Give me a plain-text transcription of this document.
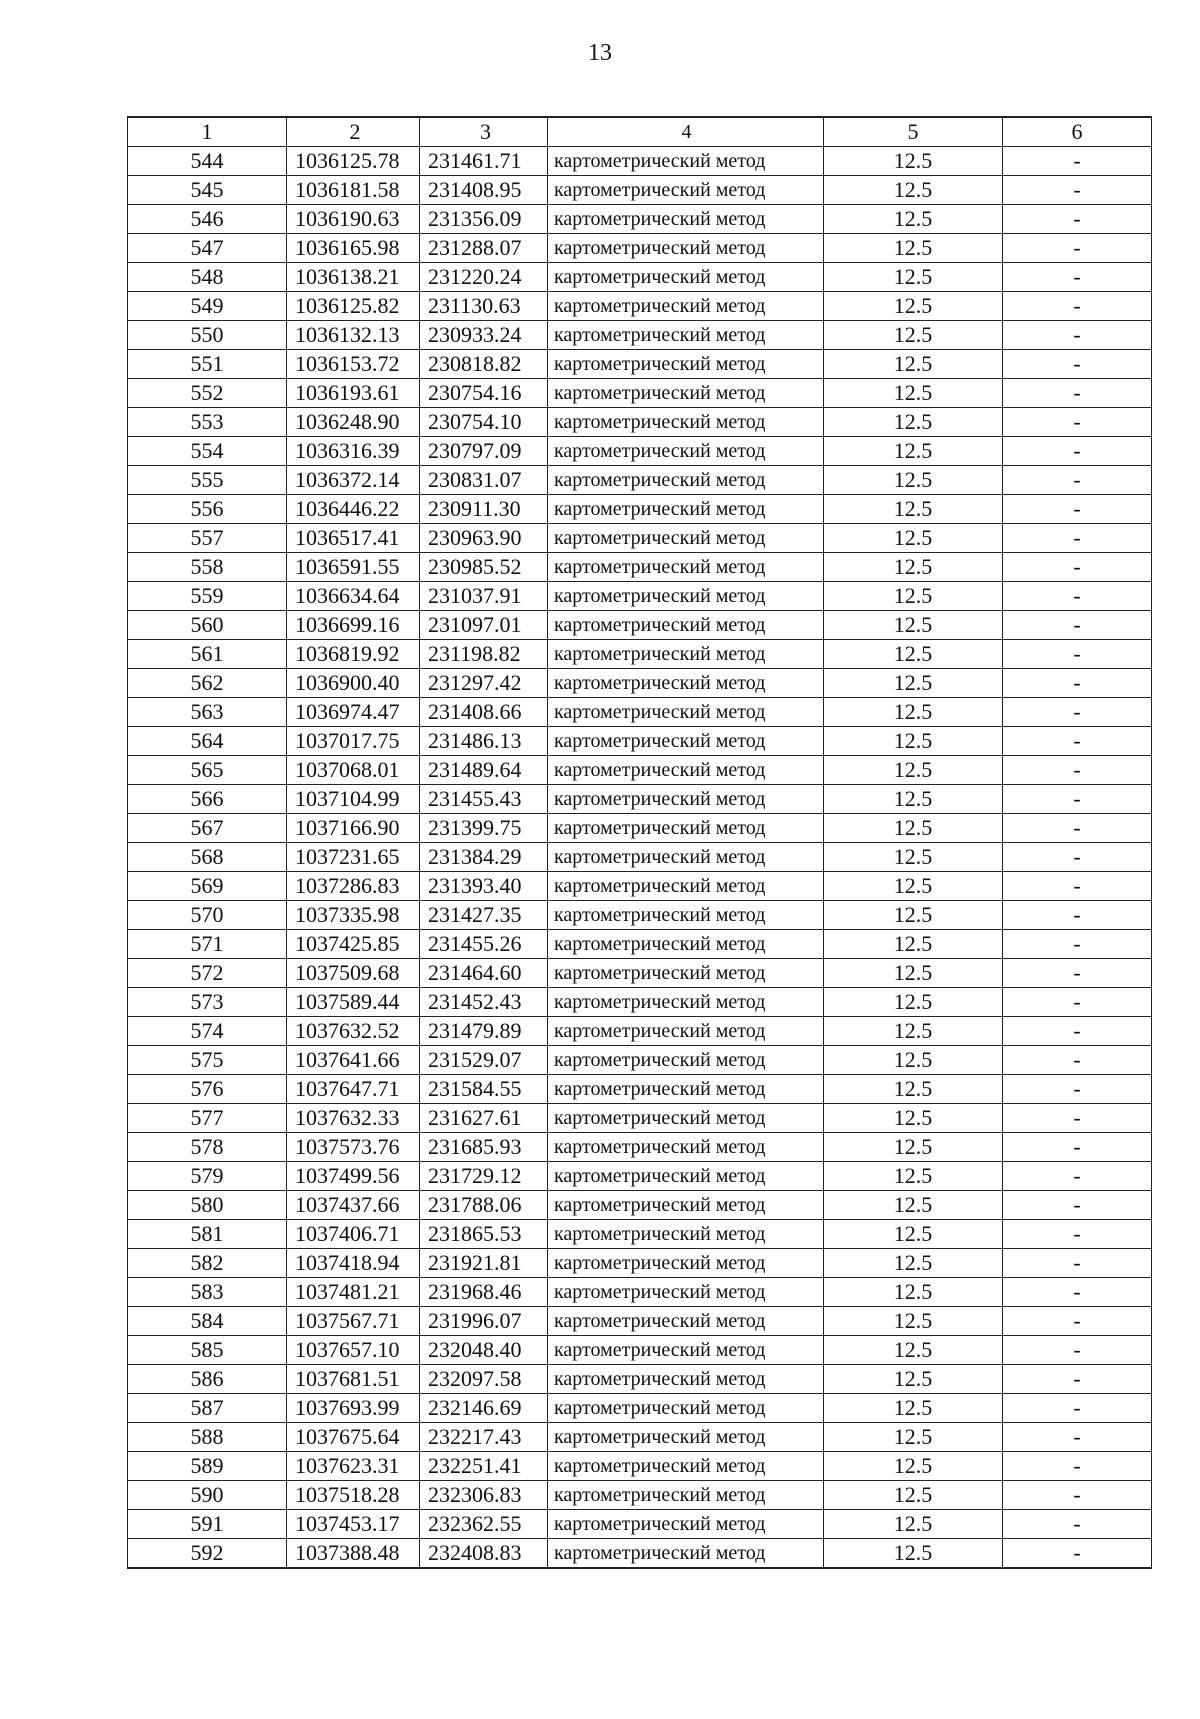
13
1	2	3	4	5	6
544	1036125.78	231461.71	картометрический метод	12.5	-
545	1036181.58	231408.95	картометрический метод	12.5	-
546	1036190.63	231356.09	картометрический метод	12.5	-
547	1036165.98	231288.07	картометрический метод	12.5	-
548	1036138.21	231220.24	картометрический метод	12.5	-
549	1036125.82	231130.63	картометрический метод	12.5	-
550	1036132.13	230933.24	картометрический метод	12.5	-
551	1036153.72	230818.82	картометрический метод	12.5	-
552	1036193.61	230754.16	картометрический метод	12.5	-
553	1036248.90	230754.10	картометрический метод	12.5	-
554	1036316.39	230797.09	картометрический метод	12.5	-
555	1036372.14	230831.07	картометрический метод	12.5	-
556	1036446.22	230911.30	картометрический метод	12.5	-
557	1036517.41	230963.90	картометрический метод	12.5	-
558	1036591.55	230985.52	картометрический метод	12.5	-
559	1036634.64	231037.91	картометрический метод	12.5	-
560	1036699.16	231097.01	картометрический метод	12.5	-
561	1036819.92	231198.82	картометрический метод	12.5	-
562	1036900.40	231297.42	картометрический метод	12.5	-
563	1036974.47	231408.66	картометрический метод	12.5	-
564	1037017.75	231486.13	картометрический метод	12.5	-
565	1037068.01	231489.64	картометрический метод	12.5	-
566	1037104.99	231455.43	картометрический метод	12.5	-
567	1037166.90	231399.75	картометрический метод	12.5	-
568	1037231.65	231384.29	картометрический метод	12.5	-
569	1037286.83	231393.40	картометрический метод	12.5	-
570	1037335.98	231427.35	картометрический метод	12.5	-
571	1037425.85	231455.26	картометрический метод	12.5	-
572	1037509.68	231464.60	картометрический метод	12.5	-
573	1037589.44	231452.43	картометрический метод	12.5	-
574	1037632.52	231479.89	картометрический метод	12.5	-
575	1037641.66	231529.07	картометрический метод	12.5	-
576	1037647.71	231584.55	картометрический метод	12.5	-
577	1037632.33	231627.61	картометрический метод	12.5	-
578	1037573.76	231685.93	картометрический метод	12.5	-
579	1037499.56	231729.12	картометрический метод	12.5	-
580	1037437.66	231788.06	картометрический метод	12.5	-
581	1037406.71	231865.53	картометрический метод	12.5	-
582	1037418.94	231921.81	картометрический метод	12.5	-
583	1037481.21	231968.46	картометрический метод	12.5	-
584	1037567.71	231996.07	картометрический метод	12.5	-
585	1037657.10	232048.40	картометрический метод	12.5	-
586	1037681.51	232097.58	картометрический метод	12.5	-
587	1037693.99	232146.69	картометрический метод	12.5	-
588	1037675.64	232217.43	картометрический метод	12.5	-
589	1037623.31	232251.41	картометрический метод	12.5	-
590	1037518.28	232306.83	картометрический метод	12.5	-
591	1037453.17	232362.55	картометрический метод	12.5	-
592	1037388.48	232408.83	картометрический метод	12.5	-
